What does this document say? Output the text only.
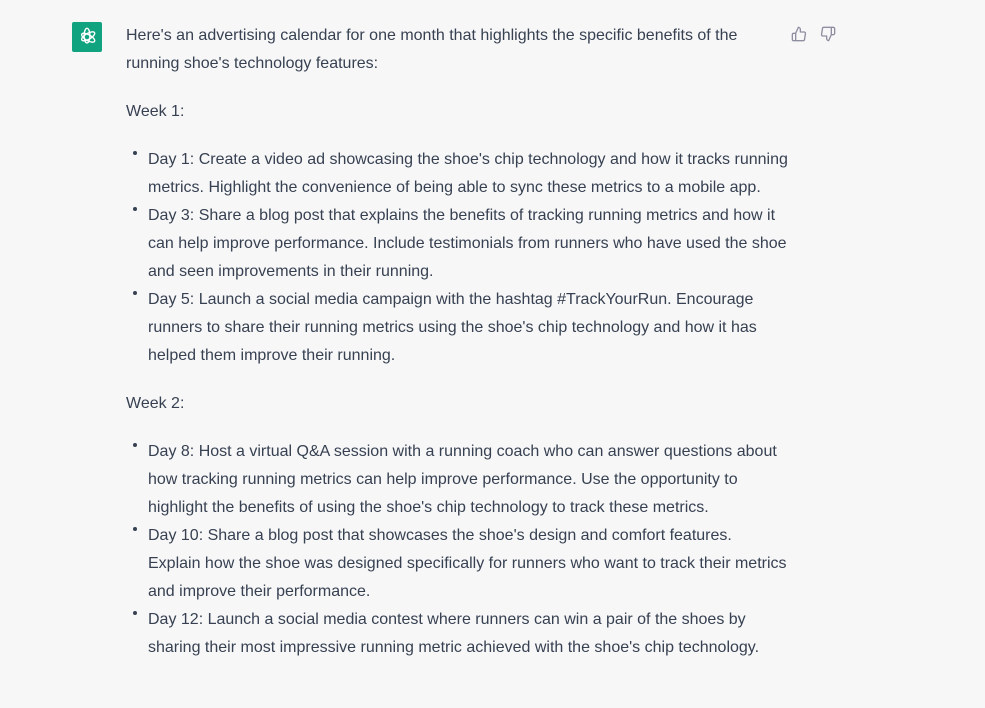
Here's an advertising calendar for one month that highlights the specific benefits of the running shoe's technology features:

Week 1:

Day 1: Create a video ad showcasing the shoe's chip technology and how it tracks running metrics. Highlight the convenience of being able to sync these metrics to a mobile app.
Day 3: Share a blog post that explains the benefits of tracking running metrics and how it can help improve performance. Include testimonials from runners who have used the shoe and seen improvements in their running.
Day 5: Launch a social media campaign with the hashtag #TrackYourRun. Encourage runners to share their running metrics using the shoe's chip technology and how it has helped them improve their running.

Week 2:

Day 8: Host a virtual Q&A session with a running coach who can answer questions about how tracking running metrics can help improve performance. Use the opportunity to highlight the benefits of using the shoe's chip technology to track these metrics.
Day 10: Share a blog post that showcases the shoe's design and comfort features. Explain how the shoe was designed specifically for runners who want to track their metrics and improve their performance.
Day 12: Launch a social media contest where runners can win a pair of the shoes by sharing their most impressive running metric achieved with the shoe's chip technology.
